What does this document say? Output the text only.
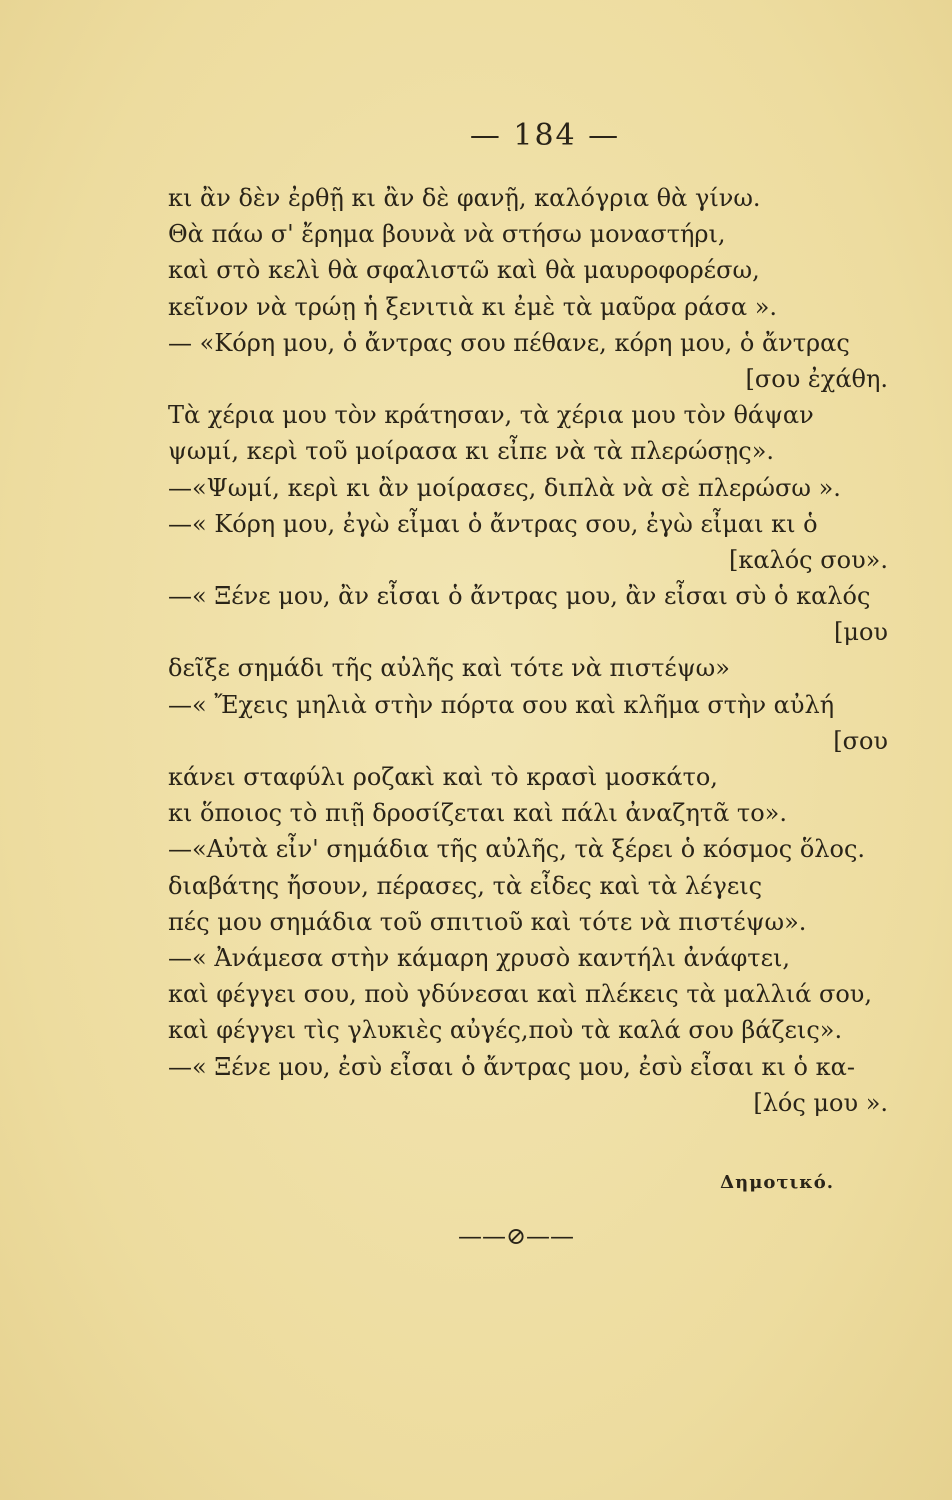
— 184 —
κι ἂν δὲν ἐρθῇ κι ἂν δὲ φανῇ, καλόγρια θὰ γίνω.
Θὰ πάω σ' ἔρημα βουνὰ νὰ στήσω μοναστήρι,
καὶ στὸ κελὶ θὰ σφαλιστῶ καὶ θὰ μαυροφορέσω,
κεῖνον νὰ τρώῃ ἡ ξενιτιὰ κι ἐμὲ τὰ μαῦρα ράσα ».
— «Κόρη μου, ὁ ἄντρας σου πέθανε, κόρη μου, ὁ ἄντρας
[σου ἐχάθη.
Τὰ χέρια μου τὸν κράτησαν, τὰ χέρια μου τὸν θάψαν
ψωμί, κερὶ τοῦ μοίρασα κι εἶπε νὰ τὰ πλερώσῃς».
—«Ψωμί, κερὶ κι ἂν μοίρασες, διπλὰ νὰ σὲ πλερώσω ».
—« Κόρη μου, ἐγὼ εἶμαι ὁ ἄντρας σου, ἐγὼ εἶμαι κι ὁ
[καλός σου».
—« Ξένε μου, ἂν εἶσαι ὁ ἄντρας μου, ἂν εἶσαι σὺ ὁ καλός
[μου
δεῖξε σημάδι τῆς αὐλῆς καὶ τότε νὰ πιστέψω»
—« Ἔχεις μηλιὰ στὴν πόρτα σου καὶ κλῆμα στὴν αὐλή
[σου
κάνει σταφύλι ροζακὶ καὶ τὸ κρασὶ μοσκάτο,
κι ὅποιος τὸ πιῇ δροσίζεται καὶ πάλι ἀναζητᾶ το».
—«Αὐτὰ εἶν' σημάδια τῆς αὐλῆς, τὰ ξέρει ὁ κόσμος ὅλος.
διαβάτης ἤσουν, πέρασες, τὰ εἶδες καὶ τὰ λέγεις
πές μου σημάδια τοῦ σπιτιοῦ καὶ τότε νὰ πιστέψω».
—« Ἀνάμεσα στὴν κάμαρη χρυσὸ καντήλι ἀνάφτει,
καὶ φέγγει σου, ποὺ γδύνεσαι καὶ πλέκεις τὰ μαλλιά σου,
καὶ φέγγει τὶς γλυκιὲς αὐγές,ποὺ τὰ καλά σου βάζεις».
—« Ξένε μου, ἐσὺ εἶσαι ὁ ἄντρας μου, ἐσὺ εἶσαι κι ὁ κα-
[λός μου ».
Δημοτικό.
——⊘——
